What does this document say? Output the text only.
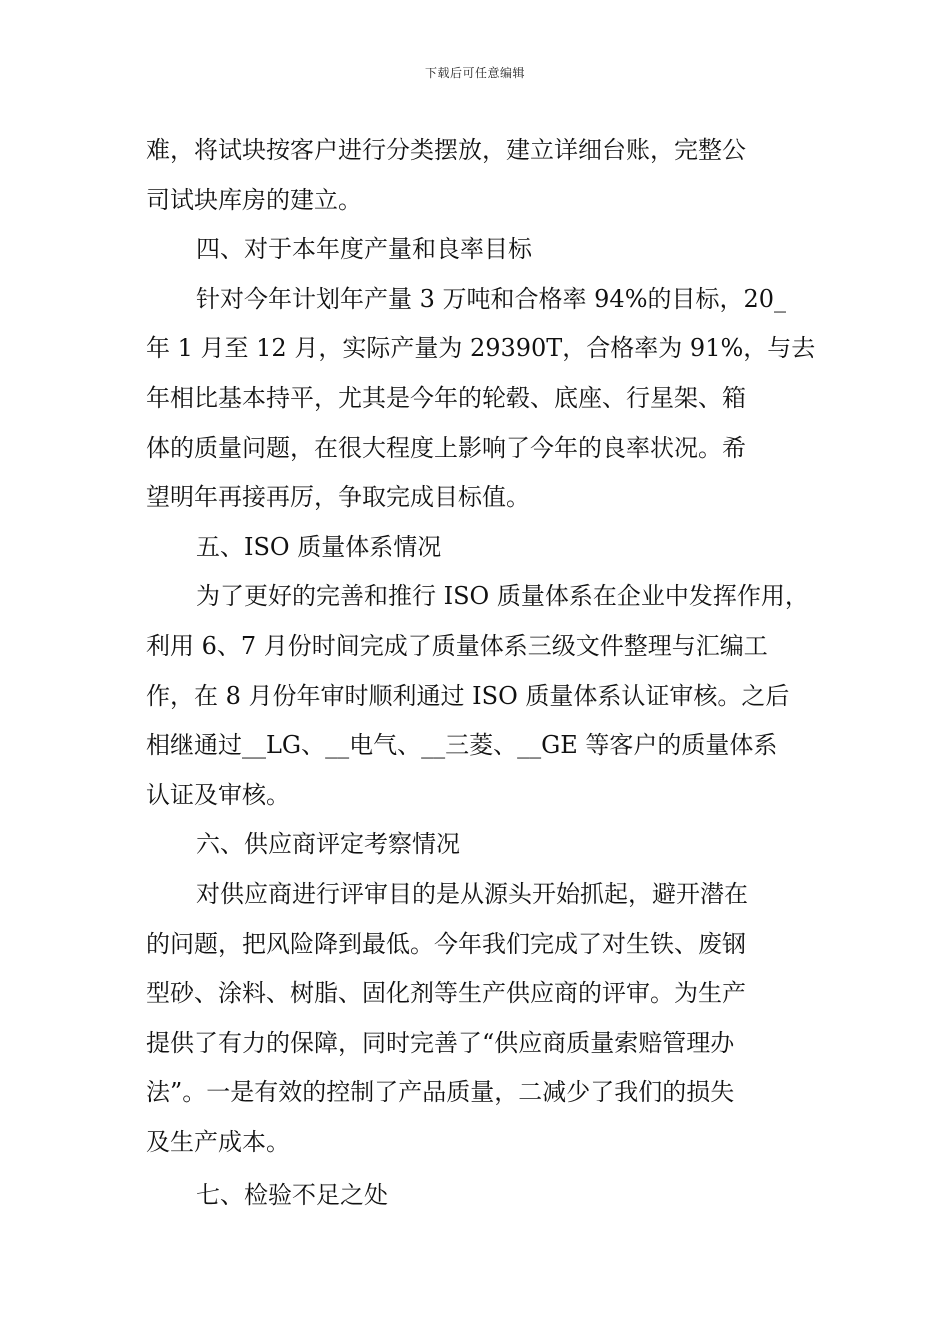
下载后可任意编辑
难，将试块按客户进行分类摆放，建立详细台账，完整公
司试块库房的建立。
四、对于本年度产量和良率目标
针对今年计划年产量 3 万吨和合格率 94%的目标，20_
年 1 月至 12 月，实际产量为 29390T，合格率为 91%，与去
年相比基本持平，尤其是今年的轮毂、底座、行星架、箱
体的质量问题，在很大程度上影响了今年的良率状况。希
望明年再接再厉，争取完成目标值。
五、ISO 质量体系情况
为了更好的完善和推行 ISO 质量体系在企业中发挥作用，
利用 6、7 月份时间完成了质量体系三级文件整理与汇编工
作，在 8 月份年审时顺利通过 ISO 质量体系认证审核。之后
相继通过__LG、__电气、__三菱、__GE 等客户的质量体系
认证及审核。
六、供应商评定考察情况
对供应商进行评审目的是从源头开始抓起，避开潜在
的问题，把风险降到最低。今年我们完成了对生铁、废钢
型砂、涂料、树脂、固化剂等生产供应商的评审。为生产
提供了有力的保障，同时完善了“供应商质量索赔管理办
法”。一是有效的控制了产品质量，二减少了我们的损失
及生产成本。
七、检验不足之处
